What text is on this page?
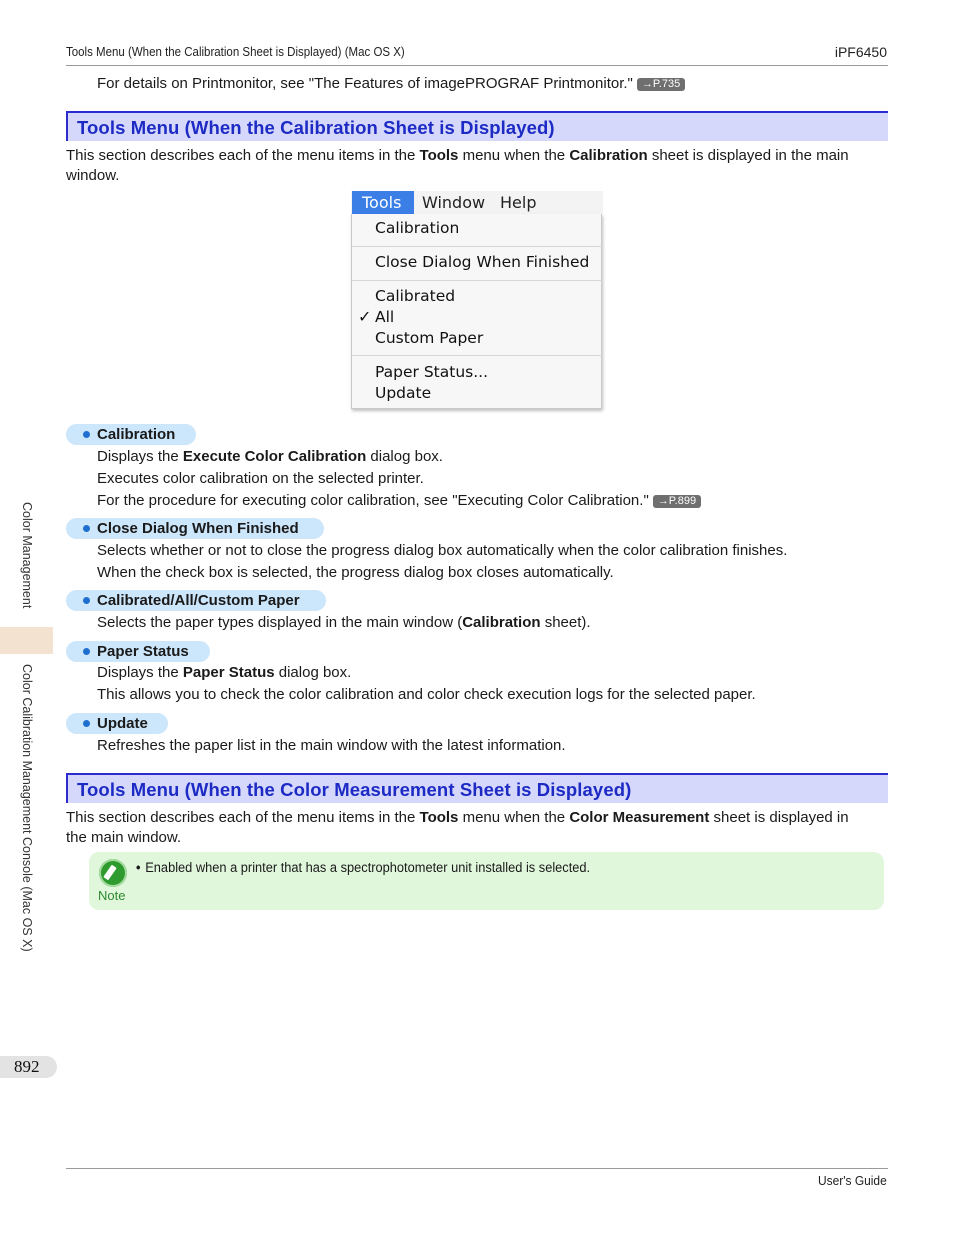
Tools Menu (When the Calibration Sheet is Displayed) (Mac OS X)	iPF6450
For details on Printmonitor, see "The Features of imagePROGRAF Printmonitor." →P.735
Tools Menu (When the Calibration Sheet is Displayed)
This section describes each of the menu items in the Tools menu when the Calibration sheet is displayed in the main
window.
Tools Window Help
Calibration
Close Dialog When Finished
Calibrated
✓ All
Custom Paper
Paper Status...
Update
Calibration
Displays the Execute Color Calibration dialog box.
Executes color calibration on the selected printer.
For the procedure for executing color calibration, see "Executing Color Calibration." →P.899
Close Dialog When Finished
Selects whether or not to close the progress dialog box automatically when the color calibration finishes.
When the check box is selected, the progress dialog box closes automatically.
Calibrated/All/Custom Paper
Selects the paper types displayed in the main window (Calibration sheet).
Paper Status
Displays the Paper Status dialog box.
This allows you to check the color calibration and color check execution logs for the selected paper.
Update
Refreshes the paper list in the main window with the latest information.
Tools Menu (When the Color Measurement Sheet is Displayed)
This section describes each of the menu items in the Tools menu when the Color Measurement sheet is displayed in
the main window.
Note
• Enabled when a printer that has a spectrophotometer unit installed is selected.
Color Management
Color Calibration Management Console (Mac OS X)
892
User's Guide
